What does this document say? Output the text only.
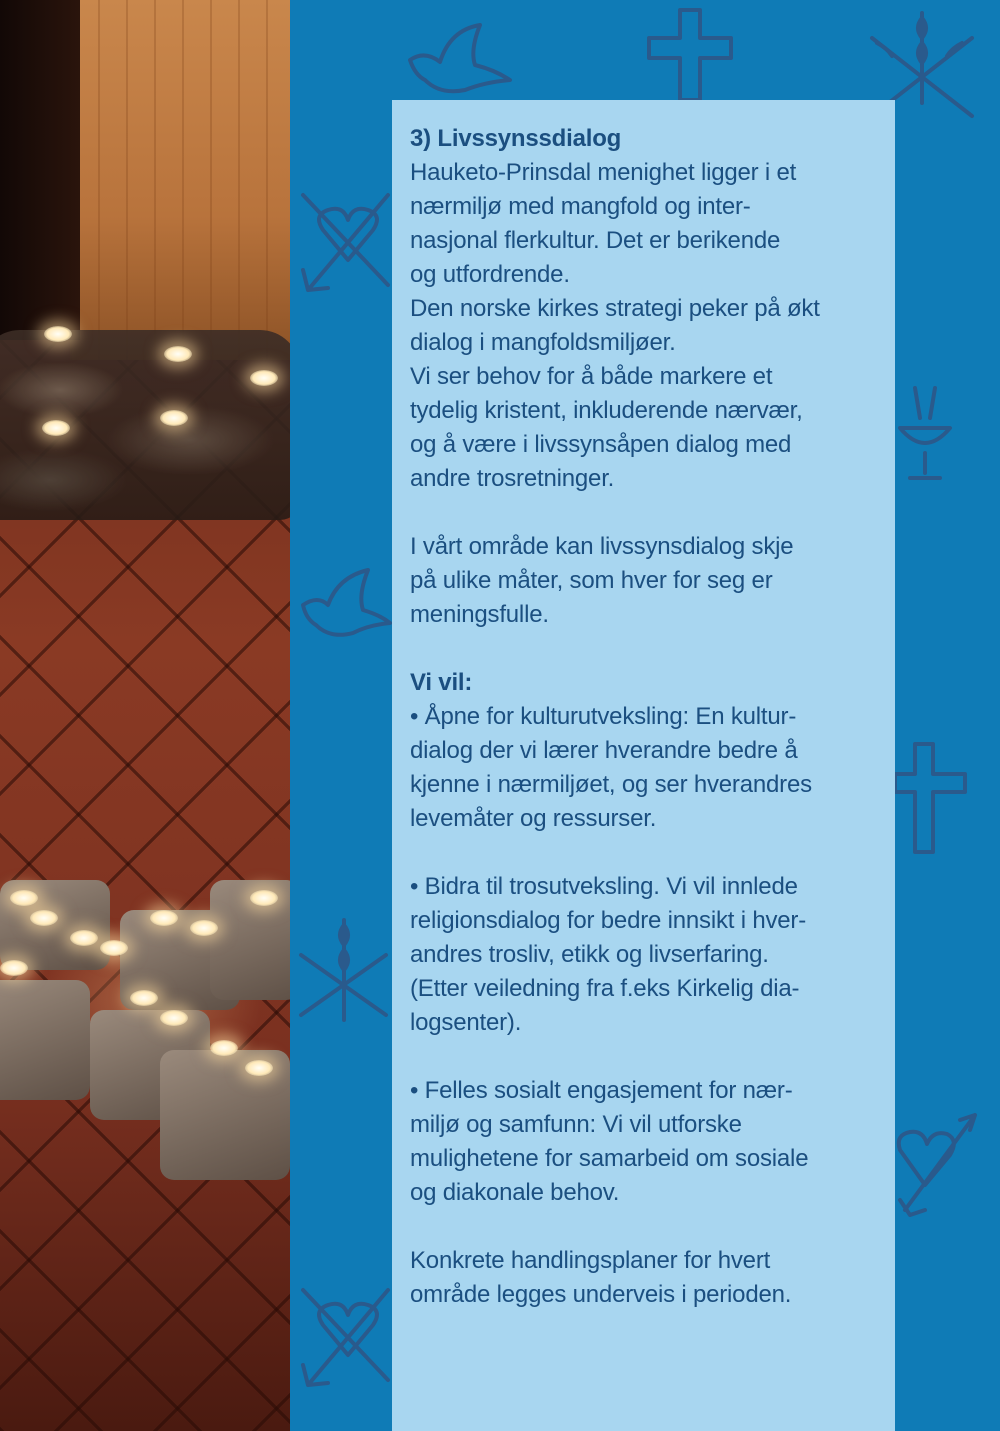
3) Livssynssdialog

Hauketo-Prinsdal menighet ligger i et

nærmiljø med mangfold og inter-

nasjonal flerkultur. Det er berikende

og utfordrende.

Den norske kirkes strategi peker på økt

dialog i mangfoldsmiljøer.

Vi ser behov for å både markere et

tydelig kristent, inkluderende nærvær,

og å være i livssynsåpen dialog med

andre trosretninger.

I vårt område kan livssynsdialog skje

på ulike måter, som hver for seg er

meningsfulle.

Vi vil:

• Åpne for kulturutveksling: En kultur-

dialog der vi lærer hverandre bedre å

kjenne i nærmiljøet, og ser hverandres

levemåter og ressurser.

• Bidra til trosutveksling. Vi vil innlede

religionsdialog for bedre innsikt i hver-

andres trosliv, etikk og livserfaring.

(Etter veiledning fra f.eks Kirkelig dia-

logsenter).

• Felles sosialt engasjement for nær-

miljø og samfunn: Vi vil utforske

mulighetene for samarbeid om sosiale

og diakonale behov.

Konkrete handlingsplaner for hvert

område legges underveis i perioden.
